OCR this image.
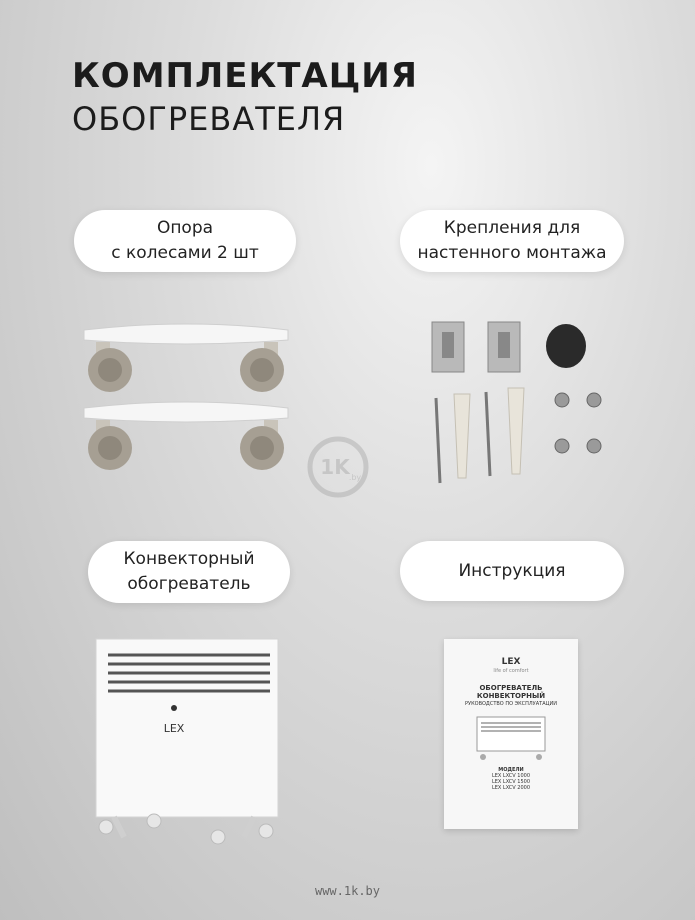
КОМПЛЕКТАЦИЯ
ОБОГРЕВАТЕЛЯ
Опора
с колесами 2 шт
Крепления для
настенного монтажа
Конвекторный
обогреватель
Инструкция
LEX
LEX
life of comfort
ОБОГРЕВАТЕЛЬ
КОНВЕКТОРНЫЙ
РУКОВОДСТВО ПО ЭКСПЛУАТАЦИИ
МОДЕЛИ
LEX LXCV 1000
LEX LXCV 1500
LEX LXCV 2000
1K .by
www.1k.by
